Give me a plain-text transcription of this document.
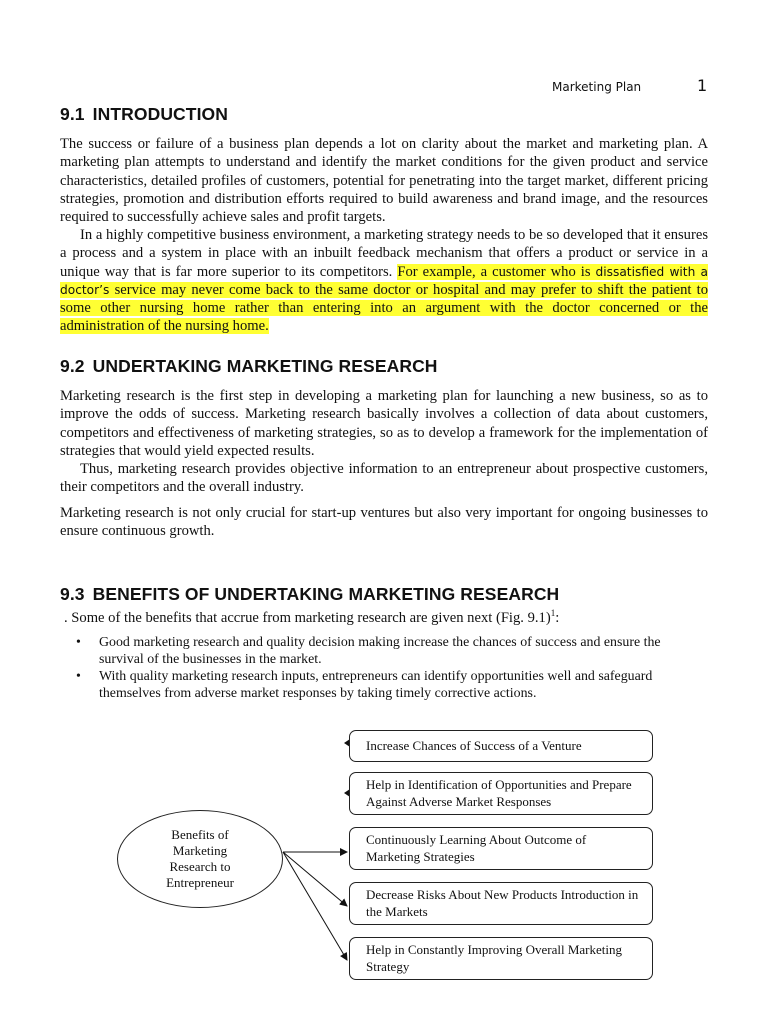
Marketing Plan	1
9.1 INTRODUCTION

The success or failure of a business plan depends a lot on clarity about the market and marketing plan. A marketing plan attempts to understand and identify the market conditions for the given product and service characteristics, detailed profiles of customers, potential for penetrating into the target market, different pricing strategies, promotion and distribution efforts required to build awareness and brand image, and the resources required to successfully achieve sales and profit targets.

In a highly competitive business environment, a marketing strategy needs to be so developed that it ensures a process and a system in place with an inbuilt feedback mechanism that offers a product or service in a unique way that is far more superior to its competitors. For example, a customer who is dissatisfied with a doctor’s service may never come back to the same doctor or hospital and may prefer to shift the patient to some other nursing home rather than entering into an argument with the doctor concerned or the administration of the nursing home.

9.2 UNDERTAKING MARKETING RESEARCH

Marketing research is the first step in developing a marketing plan for launching a new business, so as to improve the odds of success. Marketing research basically involves a collection of data about customers, competitors and effectiveness of marketing strategies, so as to develop a framework for the implementation of strategies that would yield expected results.

Thus, marketing research provides objective information to an entrepreneur about prospective customers, their competitors and the overall industry.

Marketing research is not only crucial for start-up ventures but also very important for ongoing businesses to ensure continuous growth.

9.3 BENEFITS OF UNDERTAKING MARKETING RESEARCH

. Some of the benefits that accrue from marketing research are given next (Fig. 9.1)$^1$:

• Good marketing research and quality decision making increase the chances of success and ensure the survival of the businesses in the market.
• With quality marketing research inputs, entrepreneurs can identify opportunities well and safeguard themselves from adverse market responses by taking timely corrective actions.
Benefits of Marketing Research to Entrepreneur
Increase Chances of Success of a Venture
Help in Identification of Opportunities and Prepare Against Adverse Market Responses
Continuously Learning About Outcome of Marketing Strategies
Decrease Risks About New Products Introduction in the Markets
Help in Constantly Improving Overall Marketing Strategy
